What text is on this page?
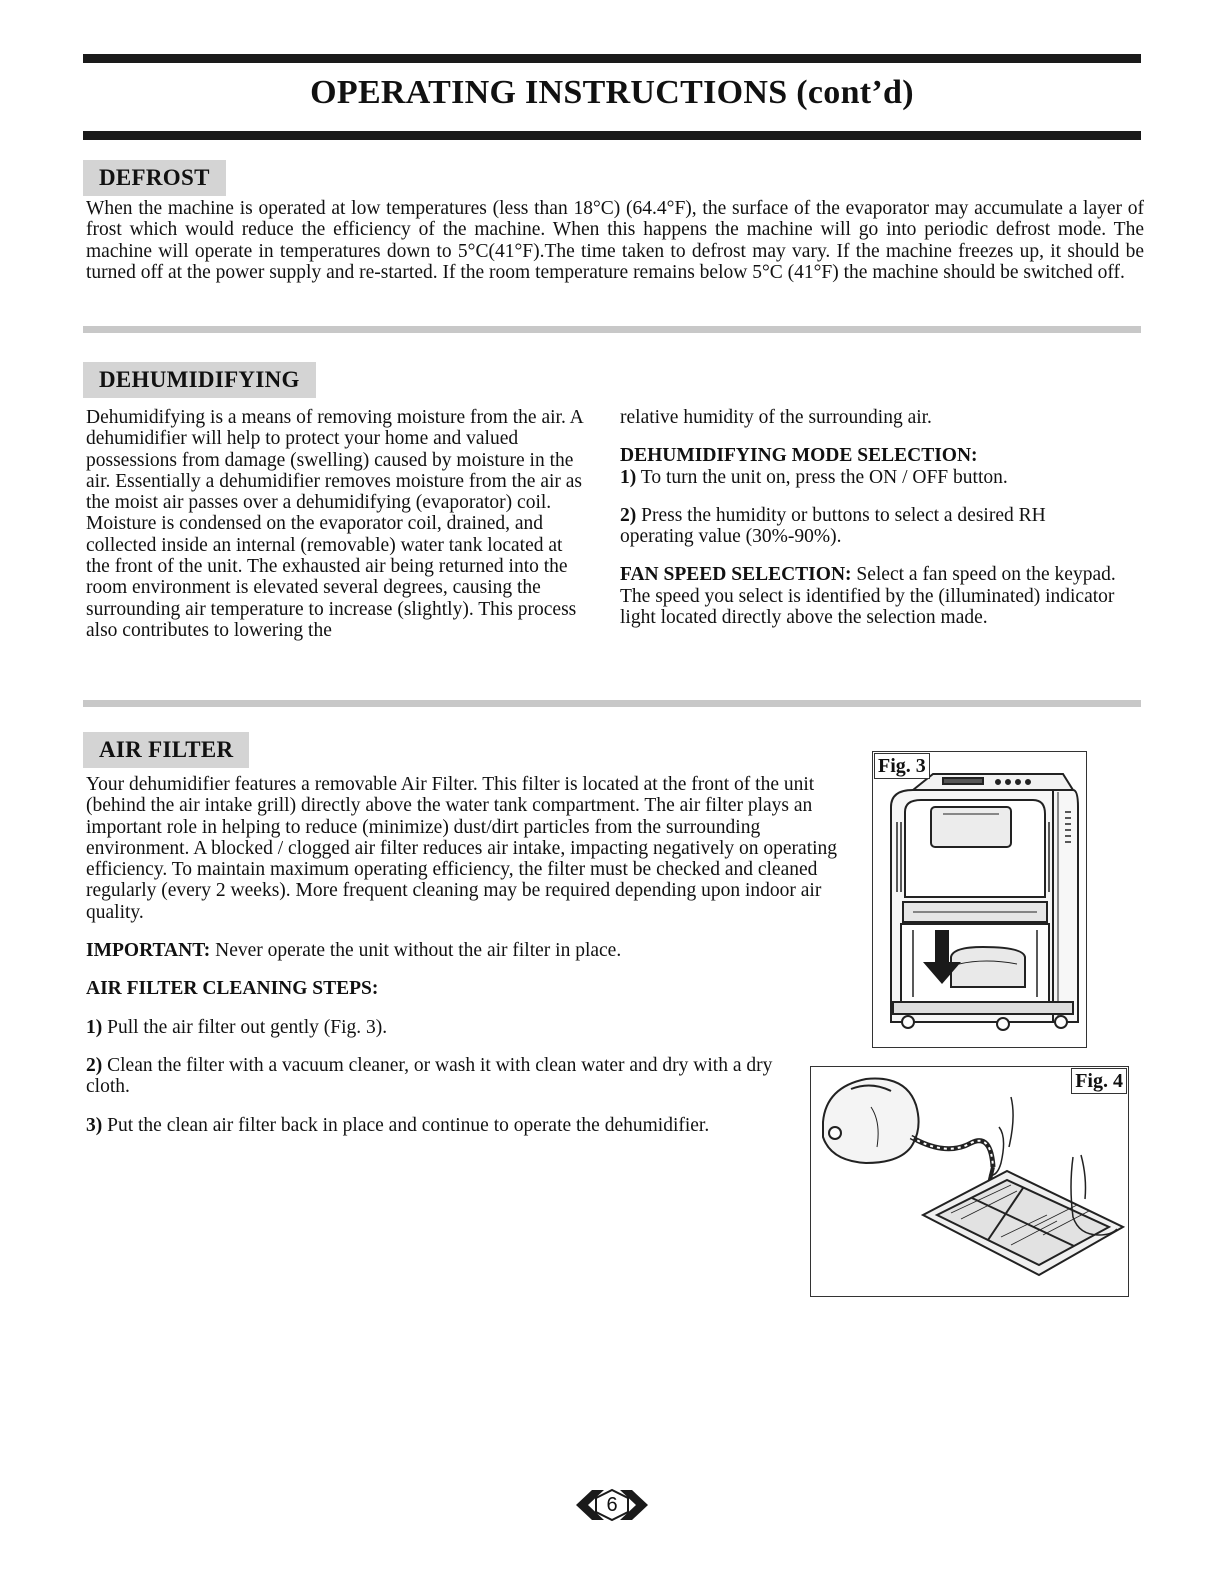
OPERATING INSTRUCTIONS (cont’d)
DEFROST
When the machine is operated at low temperatures (less than 18°C) (64.4°F), the surface of the evaporator may accumulate a layer of frost which would reduce the efficiency of the machine. When this happens the machine will go into periodic defrost mode. The machine will operate in temperatures down to 5°C(41°F).The time taken to defrost may vary. If the machine freezes up, it should be turned off at the power supply and re-started. If the room temperature remains below 5°C (41°F) the machine should be switched off.
DEHUMIDIFYING
Dehumidifying is a means of removing moisture from the air. A dehumidifier will help to protect your home and valued possessions from damage (swelling) caused by moisture in the air. Essentially a dehumidifier removes moisture from the air as the moist air passes over a dehumidifying (evaporator) coil. Moisture is condensed on the evaporator coil, drained, and collected inside an internal (removable) water tank located at the front of the unit. The exhausted air being returned into the room environment is elevated several degrees, causing the surrounding air temperature to increase (slightly). This process also contributes to lowering the

relative humidity of the surrounding air.

DEHUMIDIFYING MODE SELECTION:

1) To turn the unit on, press the ON / OFF button.

2) Press the humidity or buttons to select a desired RH operating value (30%-90%).

FAN SPEED SELECTION: Select a fan speed on the keypad. The speed you select is identified by the (illuminated) indicator light located directly above the selection made.

AIR FILTER

Your dehumidifier features a removable Air Filter. This filter is located at the front of the unit (behind the air intake grill) directly above the water tank compartment. The air filter plays an important role in helping to reduce (minimize) dust/dirt particles from the surrounding environment. A blocked / clogged air filter reduces air intake, impacting negatively on operating efficiency. To maintain maximum operating efficiency, the filter must be checked and cleaned regularly (every 2 weeks). More frequent cleaning may be required depending upon indoor air quality.

IMPORTANT: Never operate the unit without the air filter in place.

AIR FILTER CLEANING STEPS:

1) Pull the air filter out gently (Fig. 3).

2) Clean the filter with a vacuum cleaner, or wash it with clean water and dry with a dry cloth.

3) Put the clean air filter back in place and continue to operate the dehumidifier.

Fig. 3
Fig. 4
6
